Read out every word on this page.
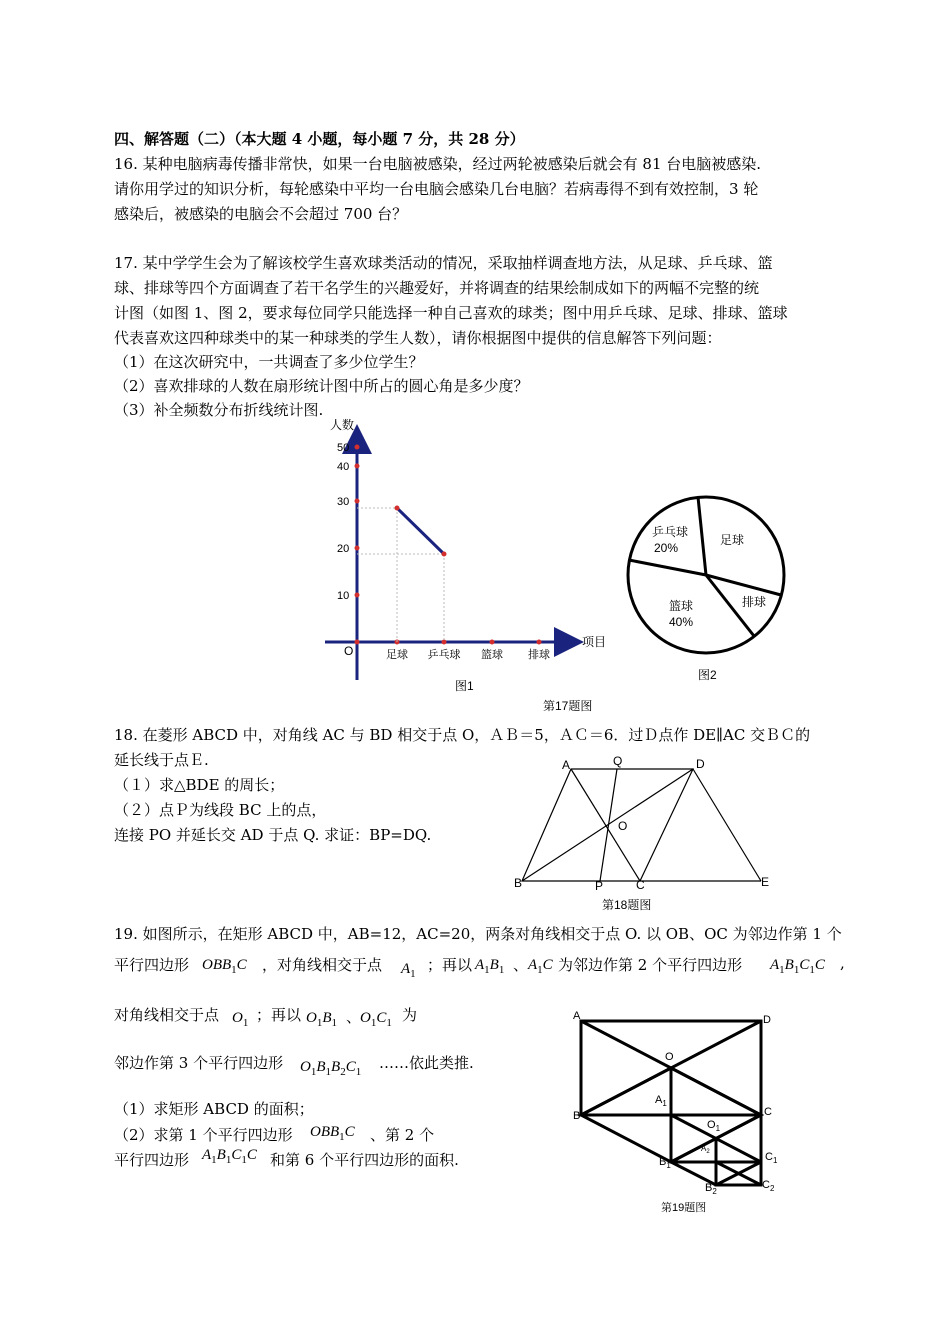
四、解答题（二）（本大题 4 小题，每小题 7 分，共 28 分）
16. 某种电脑病毒传播非常快，如果一台电脑被感染，经过两轮被感染后就会有 81 台电脑被感染.
请你用学过的知识分析，每轮感染中平均一台电脑会感染几台电脑？若病毒得不到有效控制，3 轮
感染后，被感染的电脑会不会超过 700 台？
17. 某中学学生会为了解该校学生喜欢球类活动的情况，采取抽样调查地方法，从足球、乒乓球、篮
球、排球等四个方面调查了若干名学生的兴趣爱好，并将调查的结果绘制成如下的两幅不完整的统
计图（如图 1、图 2，要求每位同学只能选择一种自己喜欢的球类；图中用乒乓球、足球、排球、篮球
代表喜欢这四种球类中的某一种球类的学生人数），请你根据图中提供的信息解答下列问题：
（1）在这次研究中，一共调查了多少位学生？
（2）喜欢排球的人数在扇形统计图中所占的圆心角是多少度？
（3）补全频数分布折线统计图.
人数
项目
O
50
40
30
20
10
足球 乒乓球 篮球 排球
图1
乒乓球
20%
足球
排球
篮球
40%
图2
第17题图
18. 在菱形 ABCD 中，对角线 AC 与 BD 相交于点 O，ＡＢ＝5，ＡＣ＝6．过Ｄ点作 DE∥AC 交ＢＣ的
延长线于点Ｅ.
（１）求△BDE 的周长；
（２）点Ｐ为线段 BC 上的点，
连接 PO 并延长交 AD 于点 Q. 求证：BP=DQ.
A	Q	D
O
B	P	C	E
第18题图
19. 如图所示，在矩形 ABCD 中，AB=12，AC=20，两条对角线相交于点 O. 以 OB、OC 为邻边作第 1 个
平行四边形 $OBB_1C$ ，对角线相交于点 $A_1$ ；再以 $A_1B_1$ 、 $A_1C$ 为邻边作第 2 个平行四边形 $A_1B_1C_1C$ ,
对角线相交于点 $O_1$ ；再以 $O_1B_1$ 、
$O_1C_1$ 为
邻边作第 3 个平行四边形 $O_1B_1B_2C_1$ ……依此类推.
（1）求矩形 ABCD 的面积；
（2）求第 1 个平行四边形 $OBB_1C$ 、第 2 个
平行四边形 $A_1B_1C_1C$ 和第 6 个平行四边形的面积.
A	D
O
$A_1$
B	C
$O_1$
$A_2$
$B_1$
$C_1$
$B_2$
$C_2$
第19题图
